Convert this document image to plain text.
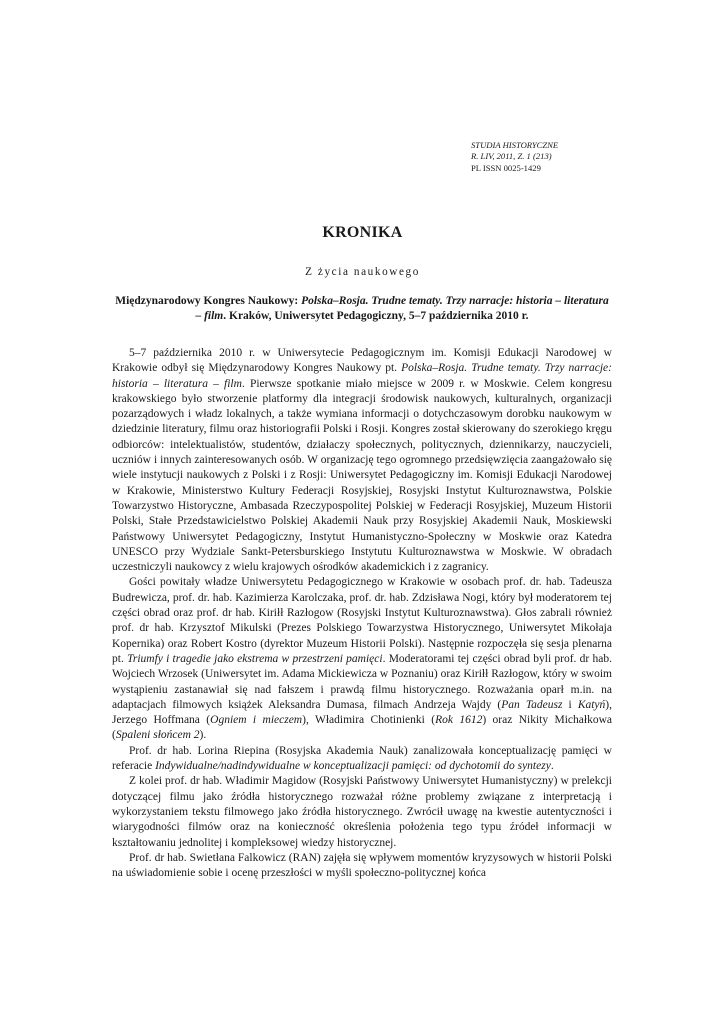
STUDIA HISTORYCZNE
R. LIV, 2011, Z. 1 (213)
PL ISSN 0025-1429
KRONIKA
Z życia naukowego
Międzynarodowy Kongres Naukowy: Polska–Rosja. Trudne tematy. Trzy narracje: historia – literatura – film. Kraków, Uniwersytet Pedagogiczny, 5–7 października 2010 r.

5–7 października 2010 r. w Uniwersytecie Pedagogicznym im. Komisji Edukacji Narodowej w Krakowie odbył się Międzynarodowy Kongres Naukowy pt. Polska–Rosja. Trudne tematy. Trzy narracje: historia – literatura – film. Pierwsze spotkanie miało miejsce w 2009 r. w Moskwie. Celem kongresu krakowskiego było stworzenie platformy dla integracji środowisk naukowych, kulturalnych, organizacji pozarządowych i władz lokalnych, a także wymiana informacji o dotychczasowym dorobku naukowym w dziedzinie literatury, filmu oraz historiografii Polski i Rosji. Kongres został skierowany do szerokiego kręgu odbiorców: intelektualistów, studentów, działaczy społecznych, politycznych, dziennikarzy, nauczycieli, uczniów i innych zainteresowanych osób. W organizację tego ogromnego przedsięwzięcia zaangażowało się wiele instytucji naukowych z Polski i z Rosji: Uniwersytet Pedagogiczny im. Komisji Edukacji Narodowej w Krakowie, Ministerstwo Kultury Federacji Rosyjskiej, Rosyjski Instytut Kulturoznawstwa, Polskie Towarzystwo Historyczne, Ambasada Rzeczypospolitej Polskiej w Federacji Rosyjskiej, Muzeum Historii Polski, Stałe Przedstawicielstwo Polskiej Akademii Nauk przy Rosyjskiej Akademii Nauk, Moskiewski Państwowy Uniwersytet Pedagogiczny, Instytut Humanistyczno-Społeczny w Moskwie oraz Katedra UNESCO przy Wydziale Sankt-Petersburskiego Instytutu Kulturoznawstwa w Moskwie. W obradach uczestniczyli naukowcy z wielu krajowych ośrodków akademickich i z zagranicy.

Gości powitały władze Uniwersytetu Pedagogicznego w Krakowie w osobach prof. dr. hab. Tadeusza Budrewicza, prof. dr. hab. Kazimierza Karolczaka, prof. dr. hab. Zdzisława Nogi, który był moderatorem tej części obrad oraz prof. dr hab. Kiriłł Razłogow (Rosyjski Instytut Kulturoznawstwa). Głos zabrali również prof. dr hab. Krzysztof Mikulski (Prezes Polskiego Towarzystwa Historycznego, Uniwersytet Mikołaja Kopernika) oraz Robert Kostro (dyrektor Muzeum Historii Polski). Następnie rozpoczęła się sesja plenarna pt. Triumfy i tragedie jako ekstrema w przestrzeni pamięci. Moderatorami tej części obrad byli prof. dr hab. Wojciech Wrzosek (Uniwersytet im. Adama Mickiewicza w Poznaniu) oraz Kiriłł Razłogow, który w swoim wystąpieniu zastanawiał się nad fałszem i prawdą filmu historycznego. Rozważania oparł m.in. na adaptacjach filmowych książek Aleksandra Dumasa, filmach Andrzeja Wajdy (Pan Tadeusz i Katyń), Jerzego Hoffmana (Ogniem i mieczem), Władimira Chotinienki (Rok 1612) oraz Nikity Michałkowa (Spaleni słońcem 2).

Prof. dr hab. Lorina Riepina (Rosyjska Akademia Nauk) zanalizowała konceptualizację pamięci w referacie Indywidualne/nadindywidualne w konceptualizacji pamięci: od dychotomii do syntezy.

Z kolei prof. dr hab. Władimir Magidow (Rosyjski Państwowy Uniwersytet Humanistyczny) w prelekcji dotyczącej filmu jako źródła historycznego rozważał różne problemy związane z interpretacją i wykorzystaniem tekstu filmowego jako źródła historycznego. Zwrócił uwagę na kwestie autentyczności i wiarygodności filmów oraz na konieczność określenia położenia tego typu źródeł informacji w kształtowaniu jednolitej i kompleksowej wiedzy historycznej.

Prof. dr hab. Swietłana Falkowicz (RAN) zajęła się wpływem momentów kryzysowych w historii Polski na uświadomienie sobie i ocenę przeszłości w myśli społeczno-politycznej końca
